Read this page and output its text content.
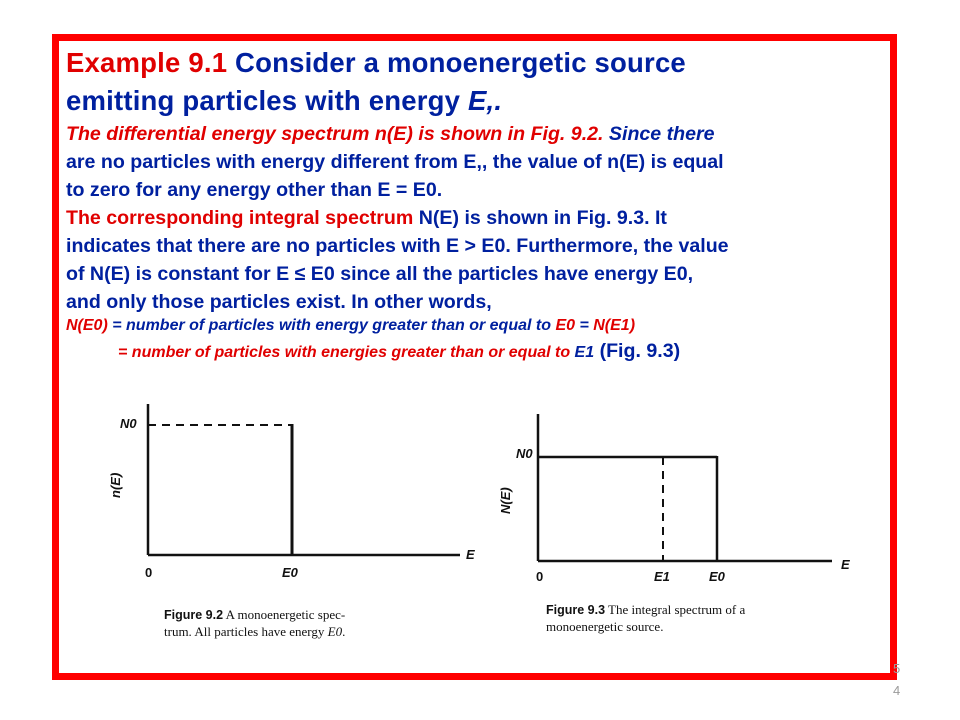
Example 9.1 Consider a monoenergetic source
emitting particles with energy E,.
The differential energy spectrum n(E) is shown in Fig. 9.2. Since there
are no particles with energy different from E,, the value of n(E) is equal
to zero for any energy other than E = E0.
The corresponding integral spectrum N(E) is shown in Fig. 9.3. It
indicates that there are no particles with E > E0. Furthermore, the value
of N(E) is constant for E ≤ E0 since all the particles have energy E0,
and only those particles exist. In other words,
N(E0) = number of particles with energy greater than or equal to E0 = N(E1)
= number of particles with energies greater than or equal to E1 (Fig. 9.3)
N0
n(E)
0	E0
E
Figure 9.2 A monoenergetic spec-
trum. All particles have energy E0.
N0
N(E)
0	E1	E0
E
Figure 9.3 The integral spectrum of a
monoenergetic source.
5
4
